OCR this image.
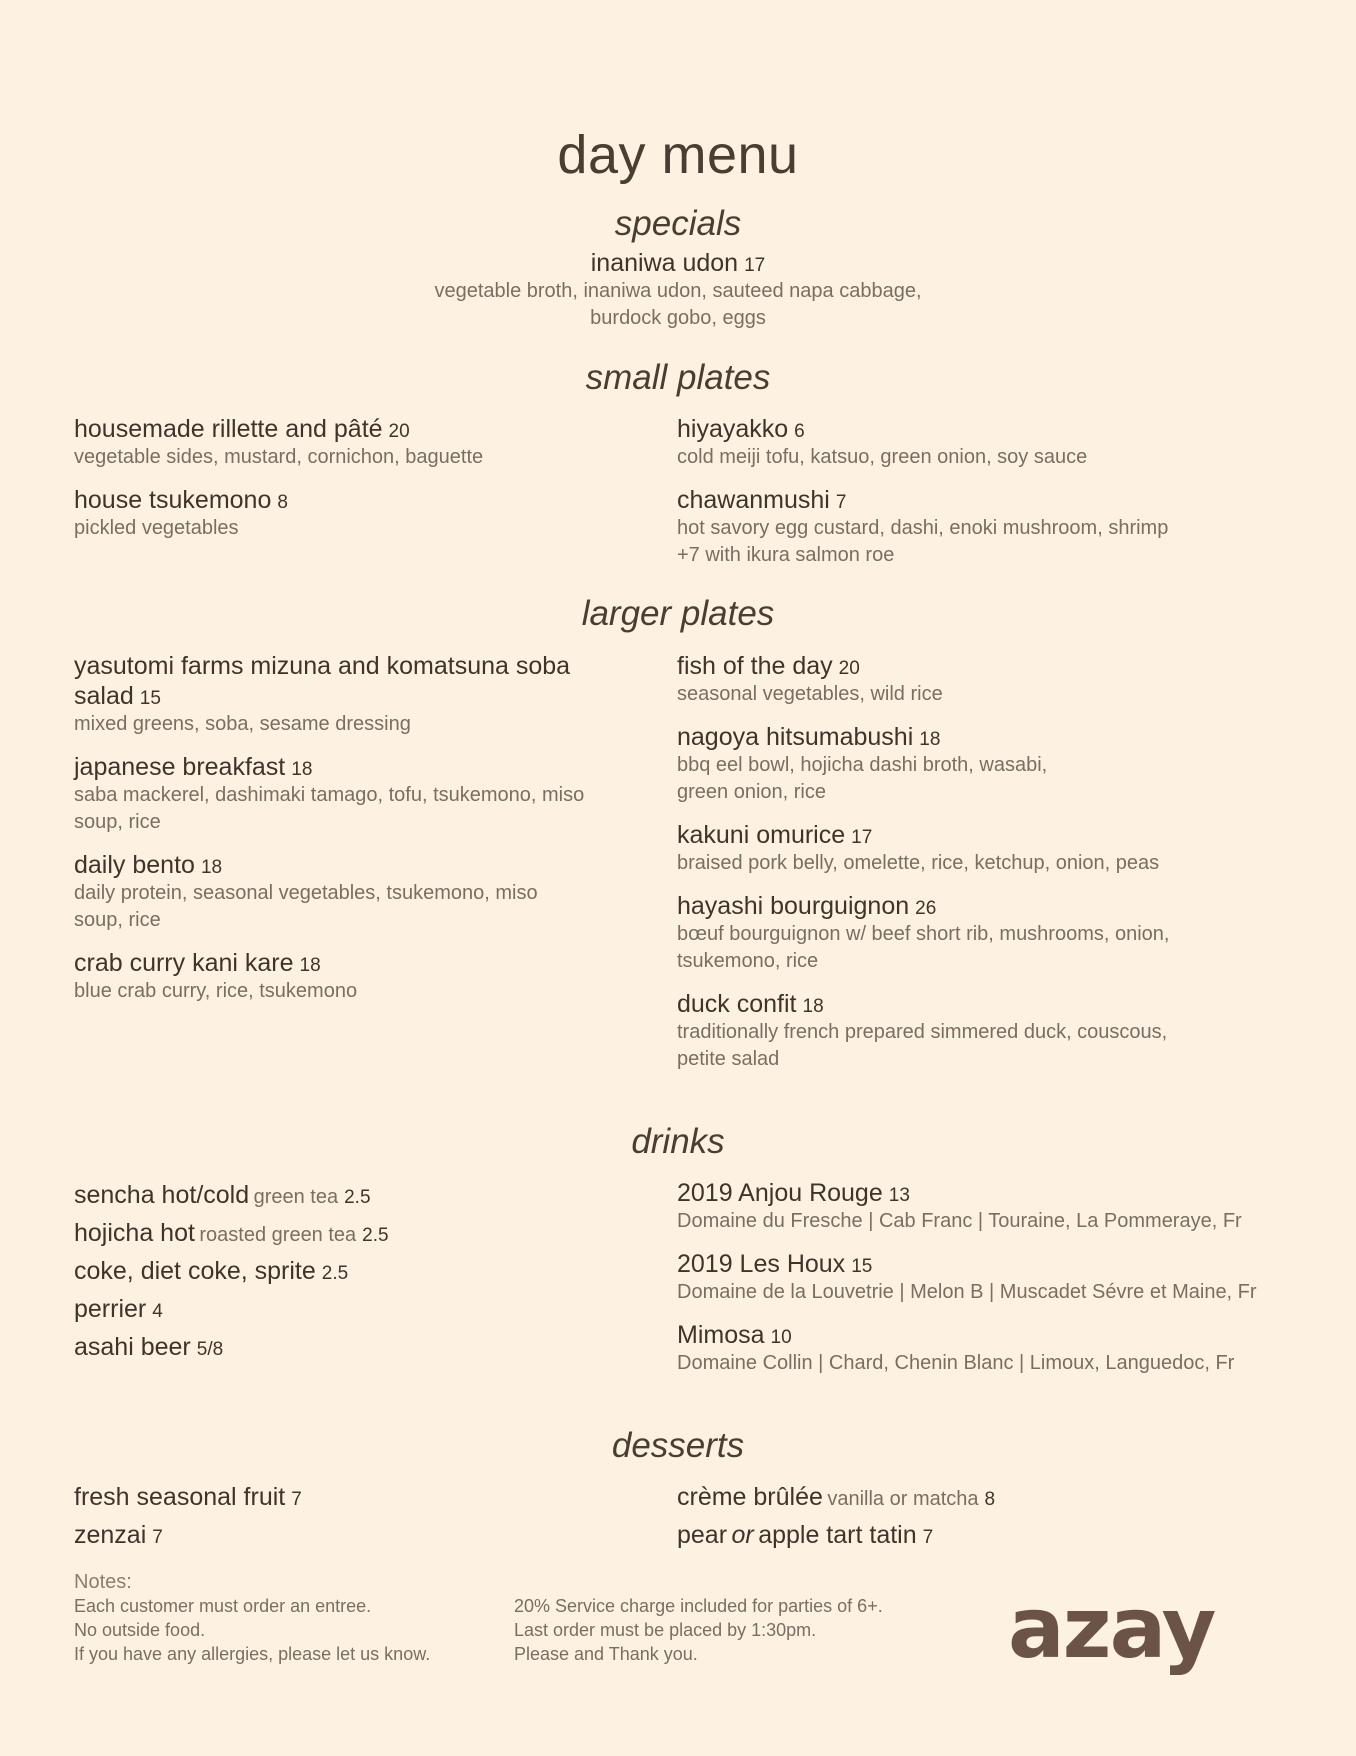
day menu
specials
inaniwa udon 17
vegetable broth, inaniwa udon, sauteed napa cabbage,
burdock gobo, eggs
small plates
housemade rillette and pâté 20
vegetable sides, mustard, cornichon, baguette
house tsukemono 8
pickled vegetables
hiyayakko 6
cold meiji tofu, katsuo, green onion, soy sauce
chawanmushi 7
hot savory egg custard, dashi, enoki mushroom, shrimp
+7 with ikura salmon roe
larger plates
yasutomi farms mizuna and komatsuna soba
salad 15
mixed greens, soba, sesame dressing
japanese breakfast 18
saba mackerel, dashimaki tamago, tofu, tsukemono, miso
soup, rice
daily bento 18
daily protein, seasonal vegetables, tsukemono, miso
soup, rice
crab curry kani kare 18
blue crab curry, rice, tsukemono
fish of the day 20
seasonal vegetables, wild rice
nagoya hitsumabushi 18
bbq eel bowl, hojicha dashi broth, wasabi,
green onion, rice
kakuni omurice 17
braised pork belly, omelette, rice, ketchup, onion, peas
hayashi bourguignon 26
bœuf bourguignon w/ beef short rib, mushrooms, onion,
tsukemono, rice
duck confit 18
traditionally french prepared simmered duck, couscous,
petite salad
drinks
sencha hot/cold green tea 2.5
hojicha hot roasted green tea 2.5
coke, diet coke, sprite 2.5
perrier 4
asahi beer 5/8
2019 Anjou Rouge 13
Domaine du Fresche | Cab Franc | Touraine, La Pommeraye, Fr
2019 Les Houx 15
Domaine de la Louvetrie | Melon B | Muscadet Sévre et Maine, Fr
Mimosa 10
Domaine Collin | Chard, Chenin Blanc | Limoux, Languedoc, Fr
desserts
fresh seasonal fruit 7
zenzai 7
crème brûlée vanilla or matcha 8
pear or apple tart tatin 7
Notes:
Each customer must order an entree.
No outside food.
If you have any allergies, please let us know.
20% Service charge included for parties of 6+.
Last order must be placed by 1:30pm.
Please and Thank you.	azay
